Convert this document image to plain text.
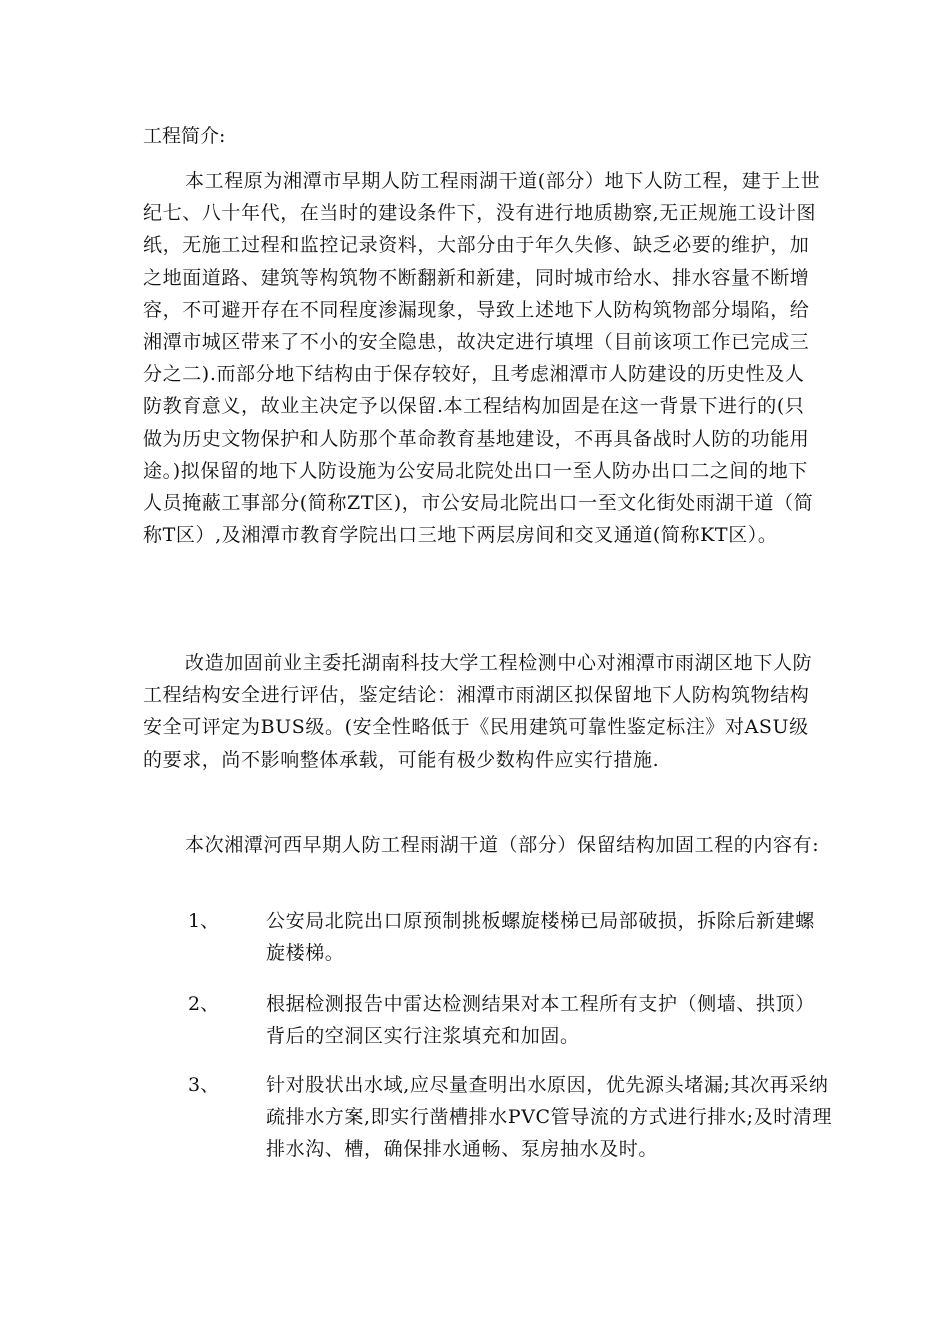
工程简介:

本工程原为湘潭市早期人防工程雨湖干道(部分）地下人防工程，建于上世纪七、八十年代，在当时的建设条件下，没有进行地质勘察,无正规施工设计图纸，无施工过程和监控记录资料，大部分由于年久失修、缺乏必要的维护，加之地面道路、建筑等构筑物不断翻新和新建，同时城市给水、排水容量不断增容，不可避开存在不同程度渗漏现象，导致上述地下人防构筑物部分塌陷，给湘潭市城区带来了不小的安全隐患，故决定进行填埋（目前该项工作已完成三分之二).而部分地下结构由于保存较好，且考虑湘潭市人防建设的历史性及人防教育意义，故业主决定予以保留.本工程结构加固是在这一背景下进行的(只做为历史文物保护和人防那个革命教育基地建设，不再具备战时人防的功能用途。)拟保留的地下人防设施为公安局北院处出口一至人防办出口二之间的地下人员掩蔽工事部分(简称ZT区)，市公安局北院出口一至文化街处雨湖干道（简称T区）,及湘潭市教育学院出口三地下两层房间和交叉通道(简称KT区）。

改造加固前业主委托湖南科技大学工程检测中心对湘潭市雨湖区地下人防工程结构安全进行评估，鉴定结论：湘潭市雨湖区拟保留地下人防构筑物结构安全可评定为BUS级。(安全性略低于《民用建筑可靠性鉴定标注》对ASU级的要求，尚不影响整体承载，可能有极少数构件应实行措施.

本次湘潭河西早期人防工程雨湖干道（部分）保留结构加固工程的内容有:

1、 公安局北院出口原预制挑板螺旋楼梯已局部破损，拆除后新建螺旋楼梯。

2、 根据检测报告中雷达检测结果对本工程所有支护（侧墙、拱顶）背后的空洞区实行注浆填充和加固。

3、 针对股状出水域,应尽量查明出水原因，优先源头堵漏;其次再采纳疏排水方案,即实行凿槽排水PVC管导流的方式进行排水;及时清理排水沟、槽，确保排水通畅、泵房抽水及时。
